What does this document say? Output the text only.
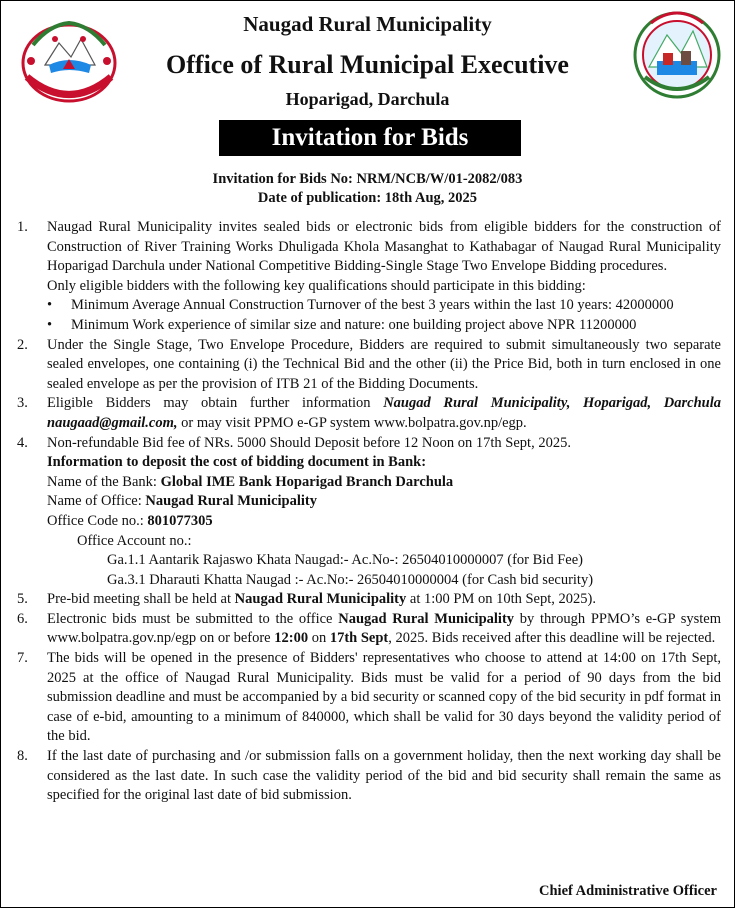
Naugad Rural Municipality
Office of Rural Municipal Executive
Hoparigad, Darchula
Invitation for Bids
Invitation for Bids No: NRM/NCB/W/01-2082/083
Date of publication: 18th Aug, 2025
1. Naugad Rural Municipality invites sealed bids or electronic bids from eligible bidders for the construction of Construction of River Training Works Dhuligada Khola Masanghat to Kathabagar of Naugad Rural Municipality Hoparigad Darchula under National Competitive Bidding-Single Stage Two Envelope Bidding procedures.
Only eligible bidders with the following key qualifications should participate in this bidding:
• Minimum Average Annual Construction Turnover of the best 3 years within the last 10 years: 42000000
• Minimum Work experience of similar size and nature: one building project above NPR 11200000
2. Under the Single Stage, Two Envelope Procedure, Bidders are required to submit simultaneously two separate sealed envelopes, one containing (i) the Technical Bid and the other (ii) the Price Bid, both in turn enclosed in one sealed envelope as per the provision of ITB 21 of the Bidding Documents.
3. Eligible Bidders may obtain further information Naugad Rural Municipality, Hoparigad, Darchula naugaad@gmail.com, or may visit PPMO e-GP system www.bolpatra.gov.np/egp.
4. Non-refundable Bid fee of NRs. 5000 Should Deposit before 12 Noon on 17th Sept, 2025.
Information to deposit the cost of bidding document in Bank:
Name of the Bank: Global IME Bank Hoparigad Branch Darchula
Name of Office: Naugad Rural Municipality
Office Code no.: 801077305
Office Account no.:
Ga.1.1 Aantarik Rajaswo Khata Naugad:- Ac.No-: 26504010000007 (for Bid Fee)
Ga.3.1 Dharauti Khatta Naugad :- Ac.No:- 26504010000004 (for Cash bid security)
5. Pre-bid meeting shall be held at Naugad Rural Municipality at 1:00 PM on 10th Sept, 2025).
6. Electronic bids must be submitted to the office Naugad Rural Municipality by through PPMO’s e-GP system www.bolpatra.gov.np/egp on or before 12:00 on 17th Sept, 2025. Bids received after this deadline will be rejected.
7. The bids will be opened in the presence of Bidders' representatives who choose to attend at 14:00 on 17th Sept, 2025 at the office of Naugad Rural Municipality. Bids must be valid for a period of 90 days from the bid submission deadline and must be accompanied by a bid security or scanned copy of the bid security in pdf format in case of e-bid, amounting to a minimum of 840000, which shall be valid for 30 days beyond the validity period of the bid.
8. If the last date of purchasing and /or submission falls on a government holiday, then the next working day shall be considered as the last date. In such case the validity period of the bid and bid security shall remain the same as specified for the original last date of bid submission.
Chief Administrative Officer
